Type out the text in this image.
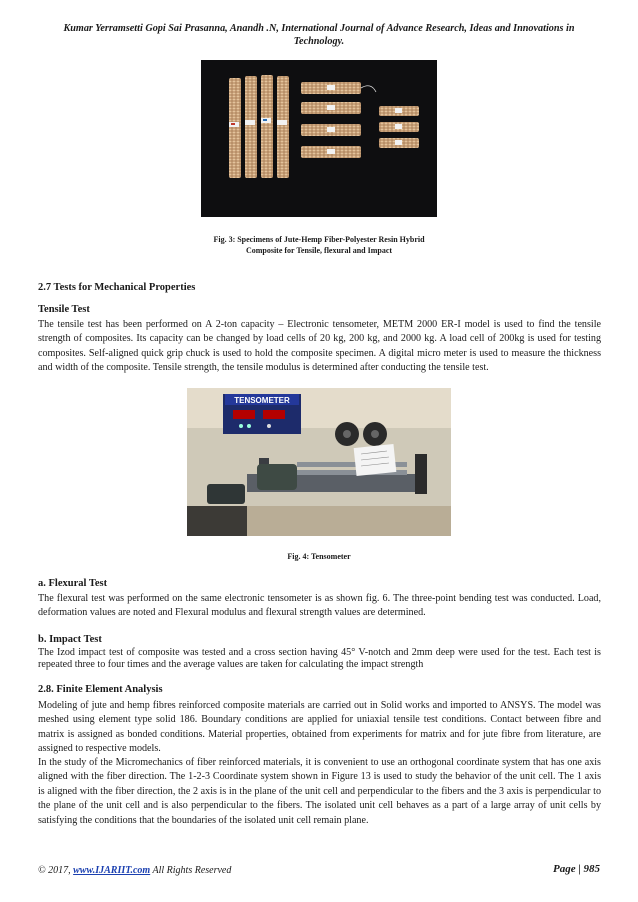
Kumar Yerramsetti Gopi Sai Prasanna, Anandh .N, International Journal of Advance Research, Ideas and Innovations in
Technology.
Fig. 3: Specimens of Jute-Hemp Fiber-Polyester Resin Hybrid
Composite for Tensile, flexural and Impact
2.7 Tests for Mechanical Properties
Tensile Test
The tensile test has been performed on A 2-ton capacity – Electronic tensometer, METM 2000 ER-I model is used to find the tensile strength of composites. Its capacity can be changed by load cells of 20 kg, 200 kg, and 2000 kg. A load cell of 200kg is used for testing composites. Self-aligned quick grip chuck is used to hold the composite specimen. A digital micro meter is used to measure the thickness and width of the composite. Tensile strength, the tensile modulus is determined after conducting the tensile test.
TENSOMETER
Fig. 4: Tensometer
a. Flexural Test
The flexural test was performed on the same electronic tensometer is as shown fig. 6. The three-point bending test was conducted. Load, deformation values are noted and Flexural modulus and flexural strength values are determined.
b. Impact Test
The Izod impact test of composite was tested and a cross section having 45° V-notch and 2mm deep were used for the test. Each test is repeated three to four times and the average values are taken for calculating the impact strength
2.8. Finite Element Analysis
Modeling of jute and hemp fibres reinforced composite materials are carried out in Solid works and imported to ANSYS. The model was meshed using element type solid 186. Boundary conditions are applied for uniaxial tensile test conditions. Contact between fibre and matrix is assigned as bonded conditions. Material properties, obtained from experiments for matrix and for jute fibre from literature, are assigned to respective models.
In the study of the Micromechanics of fiber reinforced materials, it is convenient to use an orthogonal coordinate system that has one axis aligned with the fiber direction. The 1-2-3 Coordinate system shown in Figure 13 is used to study the behavior of the unit cell. The 1 axis is aligned with the fiber direction, the 2 axis is in the plane of the unit cell and perpendicular to the fibers and the 3 axis is perpendicular to the plane of the unit cell and is also perpendicular to the fibers. The isolated unit cell behaves as a part of a large array of unit cells by satisfying the conditions that the boundaries of the isolated unit cell remain plane.
© 2017, www.IJARIIT.com All Rights Reserved	Page | 985
